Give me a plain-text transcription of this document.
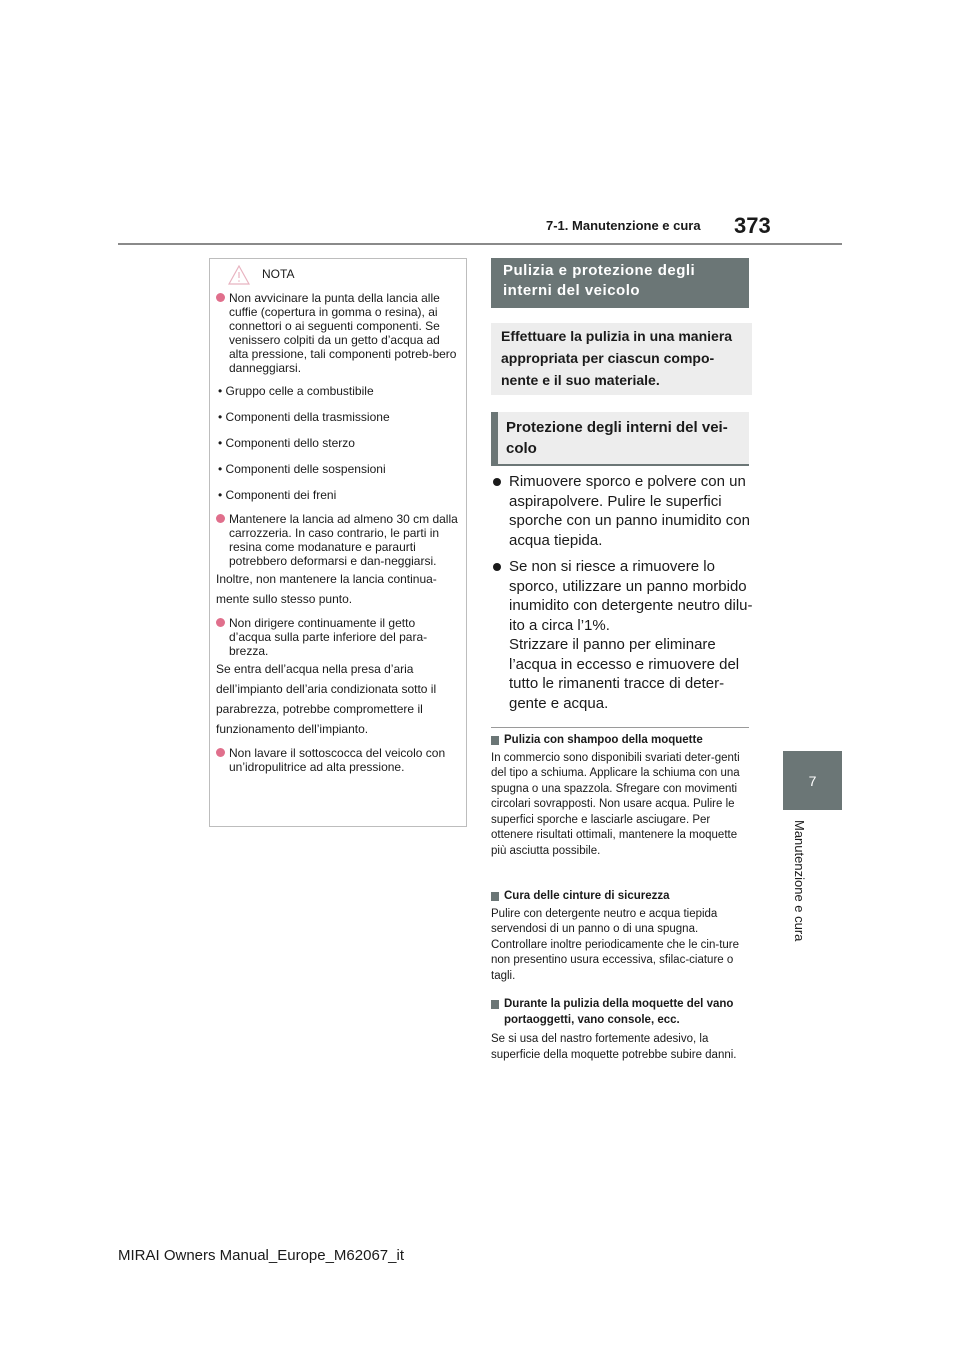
7-1. Manutenzione e cura 373
7
Manutenzione e cura
NOTA
Non avvicinare la punta della lancia alle cuffie (copertura in gomma o resina), ai connettori o ai seguenti componenti. Se venissero colpiti da un getto d’acqua ad alta pressione, tali componenti potreb-bero danneggiarsi.
• Gruppo celle a combustibile
• Componenti della trasmissione
• Componenti dello sterzo
• Componenti delle sospensioni
• Componenti dei freni
Mantenere la lancia ad almeno 30 cm dalla carrozzeria. In caso contrario, le parti in resina come modanature e paraurti potrebbero deformarsi e dan-neggiarsi.
Inoltre, non mantenere la lancia continua-
mente sullo stesso punto.
Non dirigere continuamente il getto d’acqua sulla parte inferiore del para-brezza.
Se entra dell’acqua nella presa d’aria
dell’impianto dell’aria condizionata sotto il
parabrezza, potrebbe compromettere il
funzionamento dell’impianto.
Non lavare il sottoscocca del veicolo con un’idropulitrice ad alta pressione.
Pulizia e protezione degli interni del veicolo
Effettuare la pulizia in una maniera appropriata per ciascun compo-nente e il suo materiale.
Protezione degli interni del vei-colo
Rimuovere sporco e polvere con un aspirapolvere. Pulire le superfici sporche con un panno inumidito con acqua tiepida.
Se non si riesce a rimuovere lo sporco, utilizzare un panno morbido inumidito con detergente neutro dilu-ito a circa l’1%.
Strizzare il panno per eliminare l’acqua in eccesso e rimuovere del tutto le rimanenti tracce di deter-gente e acqua.
Pulizia con shampoo della moquette
In commercio sono disponibili svariati deter-genti del tipo a schiuma. Applicare la schiuma con una spugna o una spazzola. Sfregare con movimenti circolari sovrapposti. Non usare acqua. Pulire le superfici sporche e lasciarle asciugare. Per ottenere risultati ottimali, mantenere la moquette più asciutta possibile.
Cura delle cinture di sicurezza
Pulire con detergente neutro e acqua tiepida servendosi di un panno o di una spugna. Controllare inoltre periodicamente che le cin-ture non presentino usura eccessiva, sfilac-ciature o tagli.
Durante la pulizia della moquette del vano portaoggetti, vano console, ecc.
Se si usa del nastro fortemente adesivo, la superficie della moquette potrebbe subire danni.
MIRAI Owners Manual_Europe_M62067_it
